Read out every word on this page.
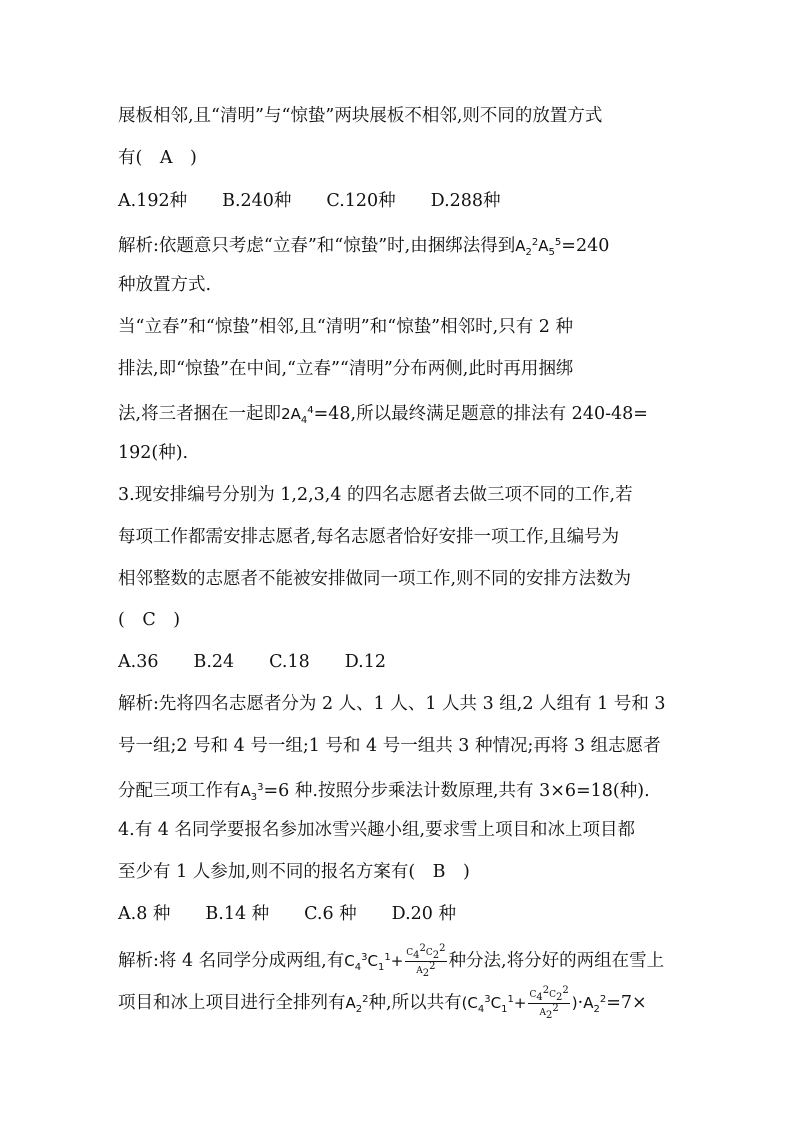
展板相邻,且“清明”与“惊蛰”两块展板不相邻,则不同的放置方式
有(　A　)
A.192种　　B.240种　　C.120种　　D.288种
解析:依题意只考虑“立春”和“惊蛰”时,由捆绑法得到$A_2^2A_5^5=240$
种放置方式.
当“立春”和“惊蛰”相邻,且“清明”和“惊蛰”相邻时,只有 2 种
排法,即“惊蛰”在中间,“立春”“清明”分布两侧,此时再用捆绑
法,将三者捆在一起即$2A_4^4=48$,所以最终满足题意的排法有 240-48=
192(种).
3.现安排编号分别为 1,2,3,4 的四名志愿者去做三项不同的工作,若
每项工作都需安排志愿者,每名志愿者恰好安排一项工作,且编号为
相邻整数的志愿者不能被安排做同一项工作,则不同的安排方法数为
(　C　)
A.36　　B.24　　C.18　　D.12
解析:先将四名志愿者分为 2 人、1 人、1 人共 3 组,2 人组有 1 号和 3
号一组;2 号和 4 号一组;1 号和 4 号一组共 3 种情况;再将 3 组志愿者
分配三项工作有$A_3^3=6$ 种.按照分步乘法计数原理,共有 3×6=18(种).
4.有 4 名同学要报名参加冰雪兴趣小组,要求雪上项目和冰上项目都
至少有 1 人参加,则不同的报名方案有(　B　)
A.8 种　　B.14 种　　C.6 种　　D.20 种
解析:将 4 名同学分成两组,有$C_4^3C_1^1+ \frac{C_4^2C_2^2}{A_2^2}$ 种分法,将分好的两组在雪上
项目和冰上项目进行全排列有$A_2^2$种,所以共有$(C_4^3C_1^1+ \frac{C_4^2C_2^2}{A_2^2} )\cdot A_2^2=7\times$
